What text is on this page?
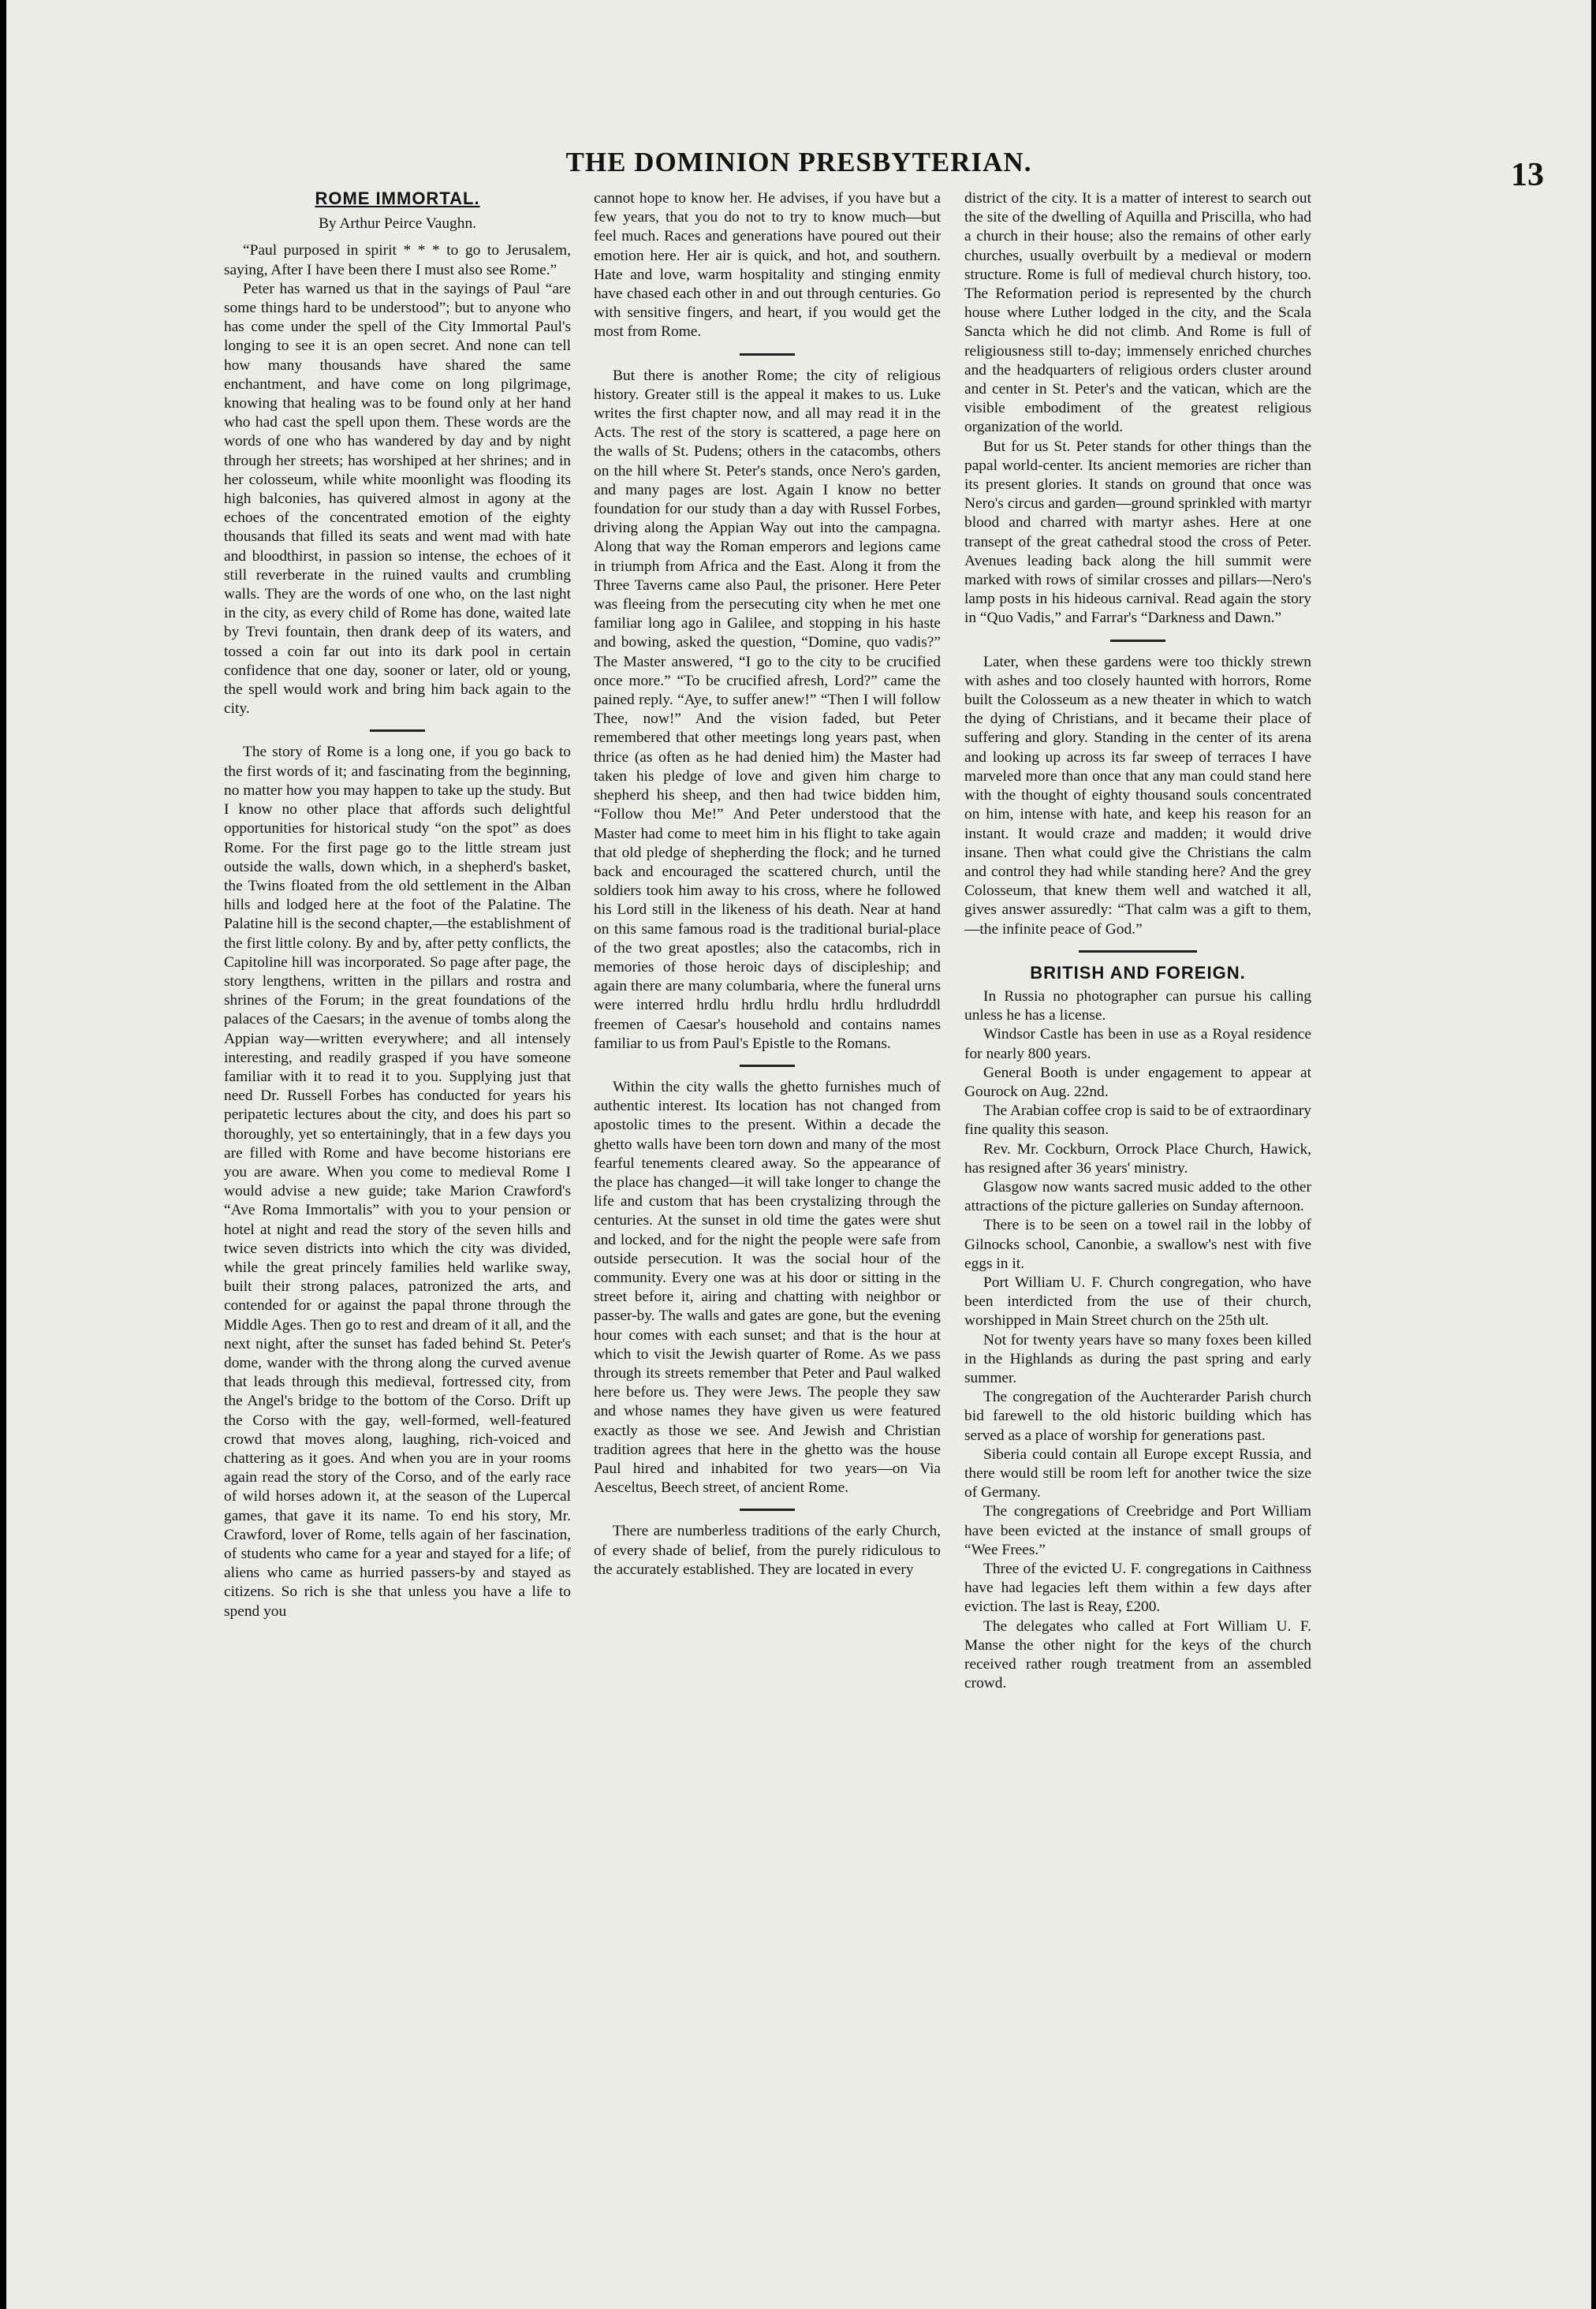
THE DOMINION PRESBYTERIAN.	13
ROME IMMORTAL.
By Arthur Peirce Vaughn.

“Paul purposed in spirit * * * to go to Jerusalem, saying, After I have been there I must also see Rome.”

Peter has warned us that in the sayings of Paul “are some things hard to be understood”; but to anyone who has come under the spell of the City Immortal Paul's longing to see it is an open secret. And none can tell how many thousands have shared the same enchantment, and have come on long pilgrimage, knowing that healing was to be found only at her hand who had cast the spell upon them. These words are the words of one who has wandered by day and by night through her streets; has worshiped at her shrines; and in her colosseum, while white moonlight was flooding its high balconies, has quivered almost in agony at the echoes of the concentrated emotion of the eighty thousands that filled its seats and went mad with hate and bloodthirst, in passion so intense, the echoes of it still reverberate in the ruined vaults and crumbling walls. They are the words of one who, on the last night in the city, as every child of Rome has done, waited late by Trevi fountain, then drank deep of its waters, and tossed a coin far out into its dark pool in certain confidence that one day, sooner or later, old or young, the spell would work and bring him back again to the city.

The story of Rome is a long one, if you go back to the first words of it; and fascinating from the beginning, no matter how you may happen to take up the study. But I know no other place that affords such delightful opportunities for historical study “on the spot” as does Rome. For the first page go to the little stream just outside the walls, down which, in a shepherd's basket, the Twins floated from the old settlement in the Alban hills and lodged here at the foot of the Palatine. The Palatine hill is the second chapter,—the establishment of the first little colony. By and by, after petty conflicts, the Capitoline hill was incorporated. So page after page, the story lengthens, written in the pillars and rostra and shrines of the Forum; in the great foundations of the palaces of the Caesars; in the avenue of tombs along the Appian way—written everywhere; and all intensely interesting, and readily grasped if you have someone familiar with it to read it to you. Supplying just that need Dr. Russell Forbes has conducted for years his peripatetic lectures about the city, and does his part so thoroughly, yet so entertainingly, that in a few days you are filled with Rome and have become historians ere you are aware. When you come to medieval Rome I would advise a new guide; take Marion Crawford's “Ave Roma Immortalis” with you to your pension or hotel at night and read the story of the seven hills and twice seven districts into which the city was divided, while the great princely families held warlike sway, built their strong palaces, patronized the arts, and contended for or against the papal throne through the Middle Ages. Then go to rest and dream of it all, and the next night, after the sunset has faded behind St. Peter's dome, wander with the throng along the curved avenue that leads through this medieval, fortressed city, from the Angel's bridge to the bottom of the Corso. Drift up the Corso with the gay, well-formed, well-featured crowd that moves along, laughing, rich-voiced and chattering as it goes. And when you are in your rooms again read the story of the Corso, and of the early race of wild horses adown it, at the season of the Lupercal games, that gave it its name. To end his story, Mr. Crawford, lover of Rome, tells again of her fascination, of students who came for a year and stayed for a life; of aliens who came as hurried passers-by and stayed as citizens. So rich is she that unless you have a life to spend you

cannot hope to know her. He advises, if you have but a few years, that you do not to try to know much—but feel much. Races and generations have poured out their emotion here. Her air is quick, and hot, and southern. Hate and love, warm hospitality and stinging enmity have chased each other in and out through centuries. Go with sensitive fingers, and heart, if you would get the most from Rome.

But there is another Rome; the city of religious history. Greater still is the appeal it makes to us. Luke writes the first chapter now, and all may read it in the Acts. The rest of the story is scattered, a page here on the walls of St. Pudens; others in the catacombs, others on the hill where St. Peter's stands, once Nero's garden, and many pages are lost. Again I know no better foundation for our study than a day with Russel Forbes, driving along the Appian Way out into the campagna. Along that way the Roman emperors and legions came in triumph from Africa and the East. Along it from the Three Taverns came also Paul, the prisoner. Here Peter was fleeing from the persecuting city when he met one familiar long ago in Galilee, and stopping in his haste and bowing, asked the question, “Domine, quo vadis?” The Master answered, “I go to the city to be crucified once more.” “To be crucified afresh, Lord?” came the pained reply. “Aye, to suffer anew!” “Then I will follow Thee, now!” And the vision faded, but Peter remembered that other meetings long years past, when thrice (as often as he had denied him) the Master had taken his pledge of love and given him charge to shepherd his sheep, and then had twice bidden him, “Follow thou Me!” And Peter understood that the Master had come to meet him in his flight to take again that old pledge of shepherding the flock; and he turned back and encouraged the scattered church, until the soldiers took him away to his cross, where he followed his Lord still in the likeness of his death. Near at hand on this same famous road is the traditional burial-place of the two great apostles; also the catacombs, rich in memories of those heroic days of discipleship; and again there are many columbaria, where the funeral urns were interred hrdlu hrdlu hrdlu hrdlu hrdludrddl freemen of Caesar's household and contains names familiar to us from Paul's Epistle to the Romans.

Within the city walls the ghetto furnishes much of authentic interest. Its location has not changed from apostolic times to the present. Within a decade the ghetto walls have been torn down and many of the most fearful tenements cleared away. So the appearance of the place has changed—it will take longer to change the life and custom that has been crystalizing through the centuries. At the sunset in old time the gates were shut and locked, and for the night the people were safe from outside persecution. It was the social hour of the community. Every one was at his door or sitting in the street before it, airing and chatting with neighbor or passer-by. The walls and gates are gone, but the evening hour comes with each sunset; and that is the hour at which to visit the Jewish quarter of Rome. As we pass through its streets remember that Peter and Paul walked here before us. They were Jews. The people they saw and whose names they have given us were featured exactly as those we see. And Jewish and Christian tradition agrees that here in the ghetto was the house Paul hired and inhabited for two years—on Via Aesceltus, Beech street, of ancient Rome.

There are numberless traditions of the early Church, of every shade of belief, from the purely ridiculous to the accurately established. They are located in every

district of the city. It is a matter of interest to search out the site of the dwelling of Aquilla and Priscilla, who had a church in their house; also the remains of other early churches, usually overbuilt by a medieval or modern structure. Rome is full of medieval church history, too. The Reformation period is represented by the church house where Luther lodged in the city, and the Scala Sancta which he did not climb. And Rome is full of religiousness still to-day; immensely enriched churches and the headquarters of religious orders cluster around and center in St. Peter's and the vatican, which are the visible embodiment of the greatest religious organization of the world.

But for us St. Peter stands for other things than the papal world-center. Its ancient memories are richer than its present glories. It stands on ground that once was Nero's circus and garden—ground sprinkled with martyr blood and charred with martyr ashes. Here at one transept of the great cathedral stood the cross of Peter. Avenues leading back along the hill summit were marked with rows of similar crosses and pillars—Nero's lamp posts in his hideous carnival. Read again the story in “Quo Vadis,” and Farrar's “Darkness and Dawn.”

Later, when these gardens were too thickly strewn with ashes and too closely haunted with horrors, Rome built the Colosseum as a new theater in which to watch the dying of Christians, and it became their place of suffering and glory. Standing in the center of its arena and looking up across its far sweep of terraces I have marveled more than once that any man could stand here with the thought of eighty thousand souls concentrated on him, intense with hate, and keep his reason for an instant. It would craze and madden; it would drive insane. Then what could give the Christians the calm and control they had while standing here? And the grey Colosseum, that knew them well and watched it all, gives answer assuredly: “That calm was a gift to them,—the infinite peace of God.”

BRITISH AND FOREIGN.

In Russia no photographer can pursue his calling unless he has a license.

Windsor Castle has been in use as a Royal residence for nearly 800 years.

General Booth is under engagement to appear at Gourock on Aug. 22nd.

The Arabian coffee crop is said to be of extraordinary fine quality this season.

Rev. Mr. Cockburn, Orrock Place Church, Hawick, has resigned after 36 years' ministry.

Glasgow now wants sacred music added to the other attractions of the picture galleries on Sunday afternoon.

There is to be seen on a towel rail in the lobby of Gilnocks school, Canonbie, a swallow's nest with five eggs in it.

Port William U. F. Church congregation, who have been interdicted from the use of their church, worshipped in Main Street church on the 25th ult.

Not for twenty years have so many foxes been killed in the Highlands as during the past spring and early summer.

The congregation of the Auchterarder Parish church bid farewell to the old historic building which has served as a place of worship for generations past.

Siberia could contain all Europe except Russia, and there would still be room left for another twice the size of Germany.

The congregations of Creebridge and Port William have been evicted at the instance of small groups of “Wee Frees.”

Three of the evicted U. F. congregations in Caithness have had legacies left them within a few days after eviction. The last is Reay, £200.

The delegates who called at Fort William U. F. Manse the other night for the keys of the church received rather rough treatment from an assembled crowd.
